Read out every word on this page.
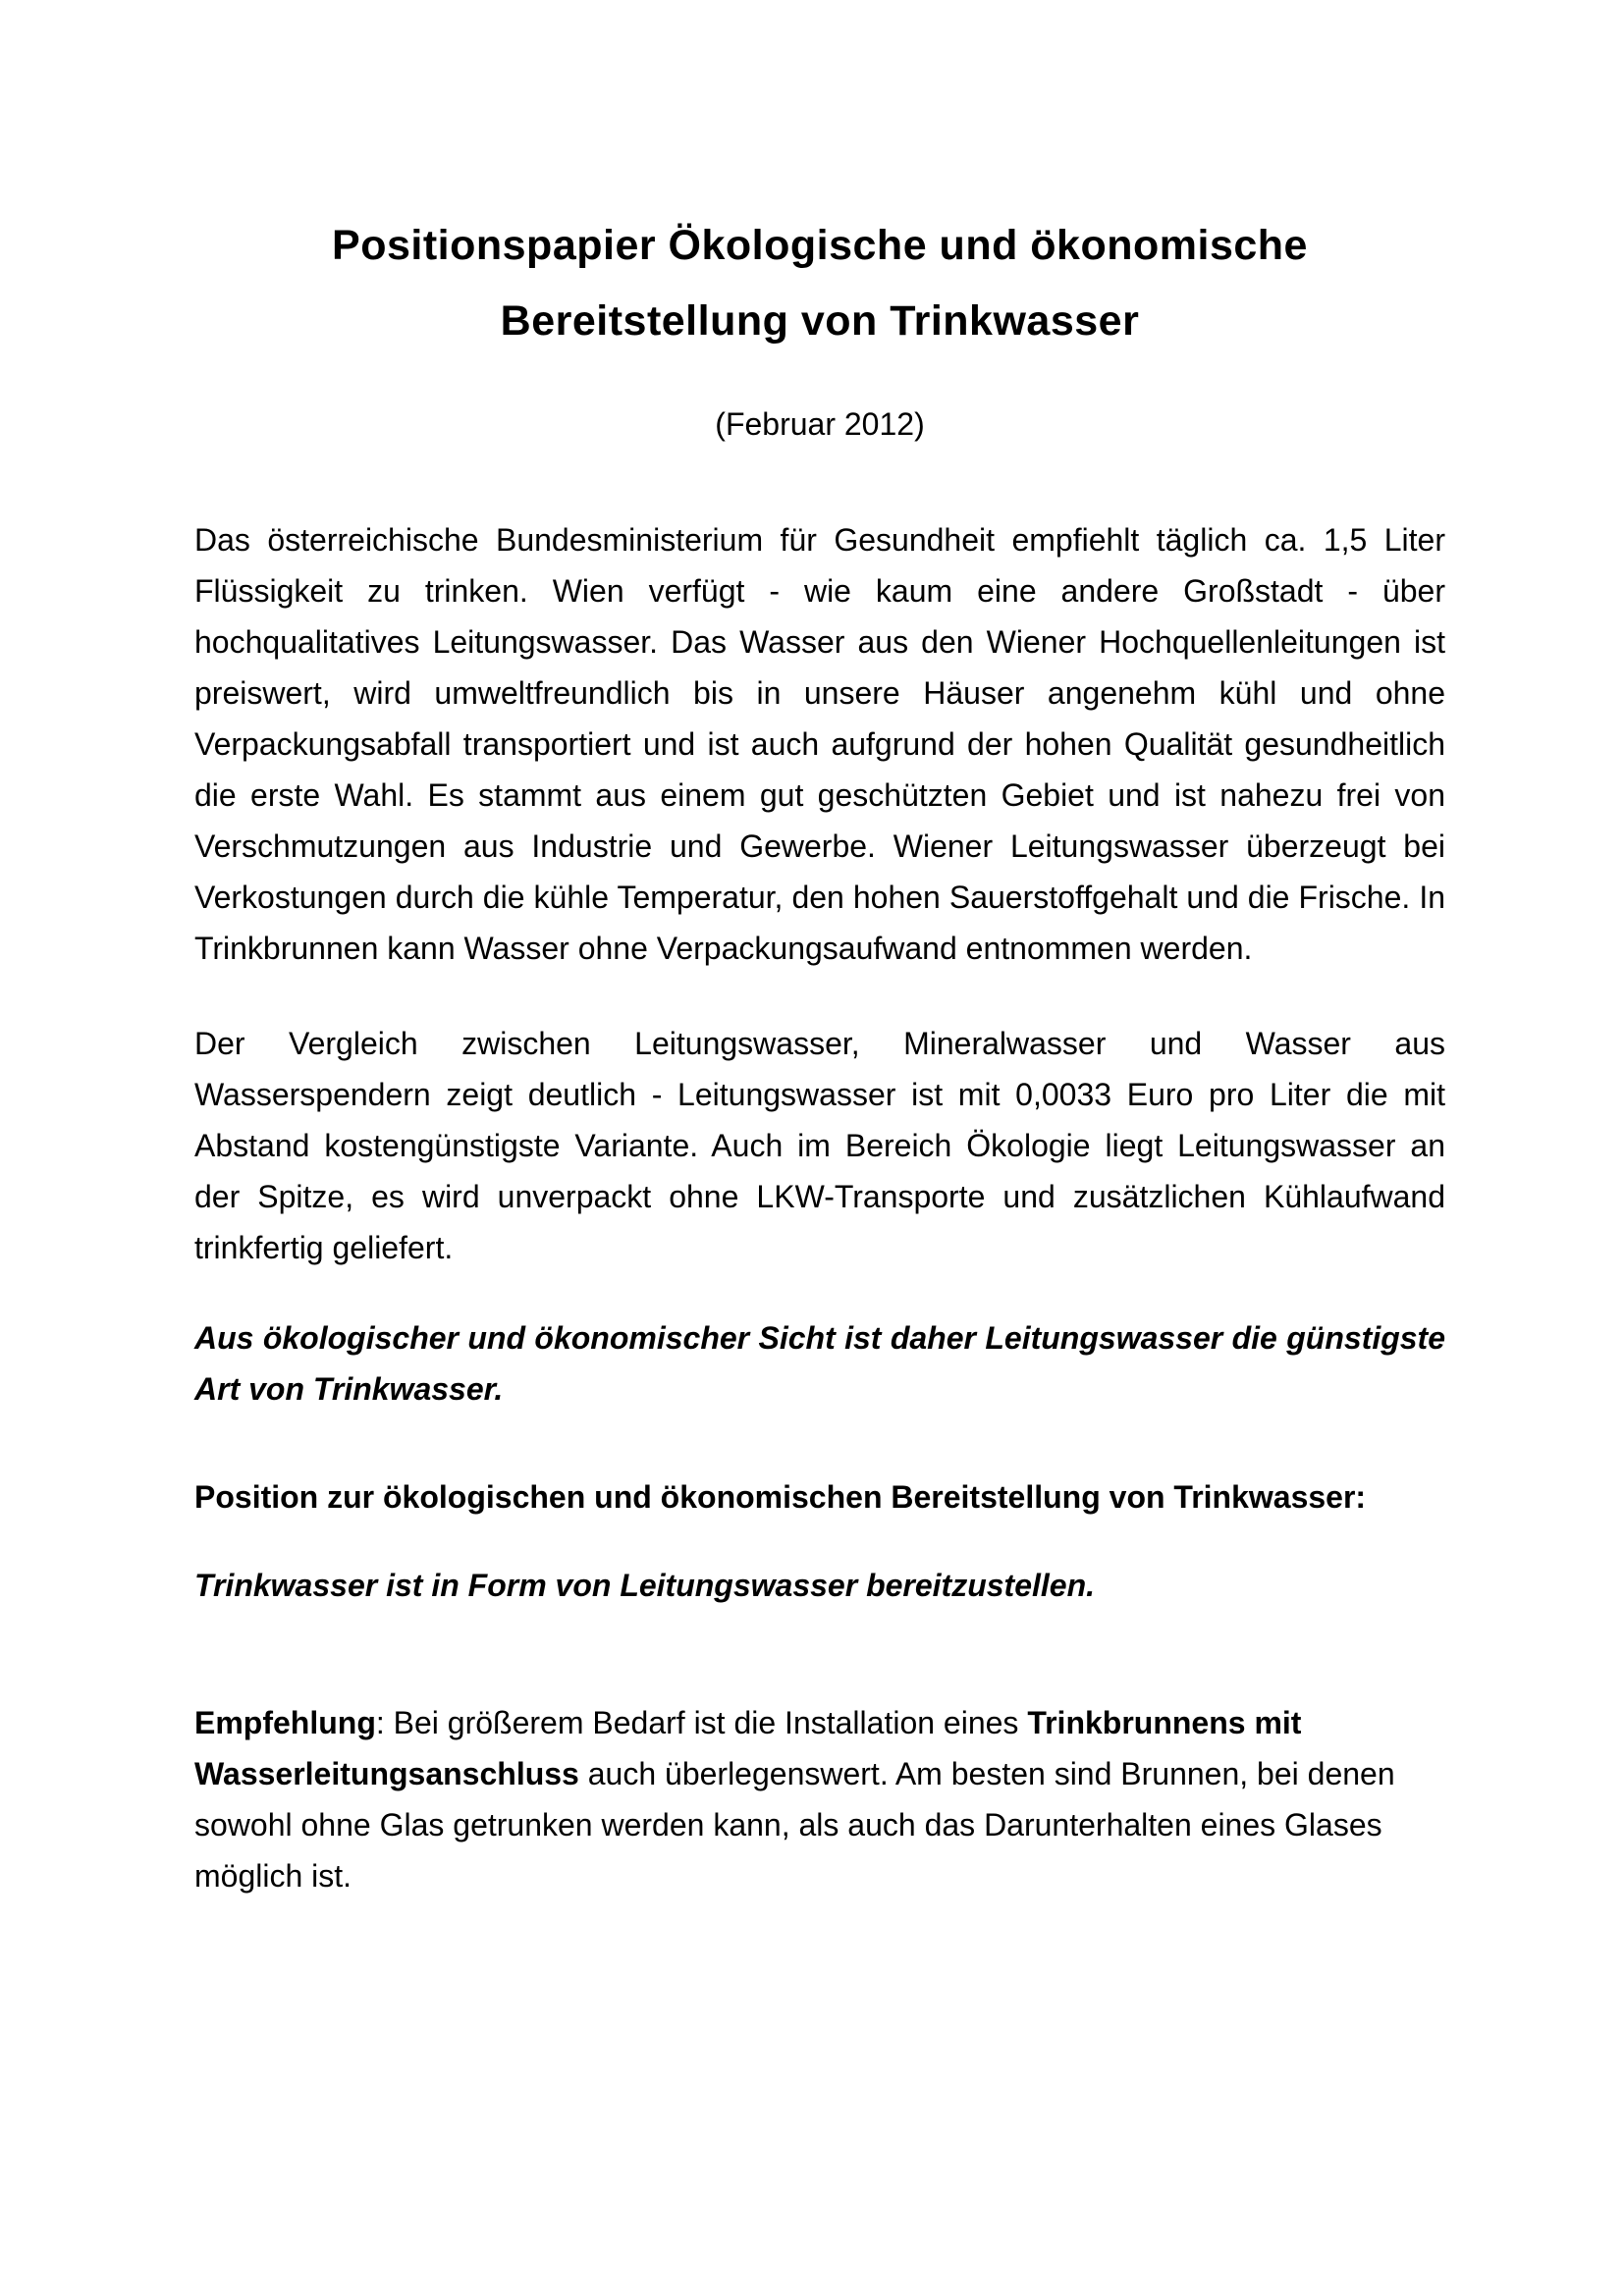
Positionspapier Ökologische und ökonomische
Bereitstellung von Trinkwasser

(Februar 2012)

Das österreichische Bundesministerium für Gesundheit empfiehlt täglich ca. 1,5 Liter Flüssigkeit zu trinken. Wien verfügt - wie kaum eine andere Großstadt - über hochqualitatives Leitungswasser. Das Wasser aus den Wiener Hochquellenleitungen ist preiswert, wird umweltfreundlich bis in unsere Häuser angenehm kühl und ohne Verpackungsabfall transportiert und ist auch aufgrund der hohen Qualität gesundheitlich die erste Wahl. Es stammt aus einem gut geschützten Gebiet und ist nahezu frei von Verschmutzungen aus Industrie und Gewerbe. Wiener Leitungswasser überzeugt bei Verkostungen durch die kühle Temperatur, den hohen Sauerstoffgehalt und die Frische. In Trinkbrunnen kann Wasser ohne Verpackungsaufwand entnommen werden.

Der Vergleich zwischen Leitungswasser, Mineralwasser und Wasser aus Wasserspendern zeigt deutlich - Leitungswasser ist mit 0,0033 Euro pro Liter die mit Abstand kostengünstigste Variante. Auch im Bereich Ökologie liegt Leitungswasser an der Spitze, es wird unverpackt ohne LKW-Transporte und zusätzlichen Kühlaufwand trinkfertig geliefert.

Aus ökologischer und ökonomischer Sicht ist daher Leitungswasser die günstigste Art von Trinkwasser.

Position zur ökologischen und ökonomischen Bereitstellung von Trinkwasser:

Trinkwasser ist in Form von Leitungswasser bereitzustellen.

Empfehlung: Bei größerem Bedarf ist die Installation eines Trinkbrunnens mit Wasserleitungsanschluss auch überlegenswert. Am besten sind Brunnen, bei denen sowohl ohne Glas getrunken werden kann, als auch das Darunterhalten eines Glases möglich ist.
